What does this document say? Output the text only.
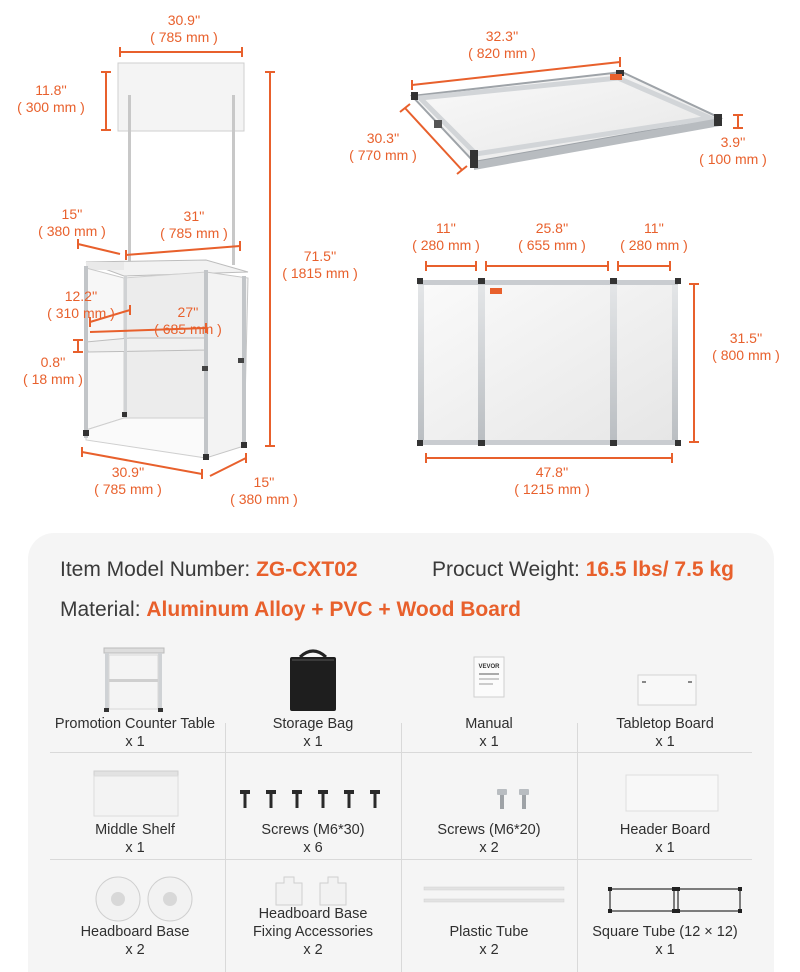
30.9''
( 785 mm )
11.8''
( 300 mm )
71.5''
( 1815 mm )
15''
( 380 mm )
31''
( 785 mm )
12.2''
( 310 mm )	27''
( 685 mm )
0.8''
( 18 mm )
30.9''
( 785 mm )	15''
( 380 mm )
32.3''
( 820 mm )
30.3''
( 770 mm )
3.9''
( 100 mm )
11''
( 280 mm )
25.8''
( 655 mm )
11''
( 280 mm )
31.5''
( 800 mm )
47.8''
( 1215 mm )
Item Model Number: ZG-CXT02	Procuct Weight: 16.5 lbs/ 7.5 kg
Material: Aluminum Alloy + PVC + Wood Board
Promotion Counter Table
x 1
Storage Bag
x 1
VEVOR
Manual
x 1
Tabletop Board
x 1
Middle Shelf
x 1
Screws (M6*30)
x 6
Screws (M6*20)
x 2
Header Board
x 1
Headboard Base
x 2
Headboard Base
Fixing Accessories
x 2
Plastic Tube
x 2
Square Tube (12 × 12)
x 1
